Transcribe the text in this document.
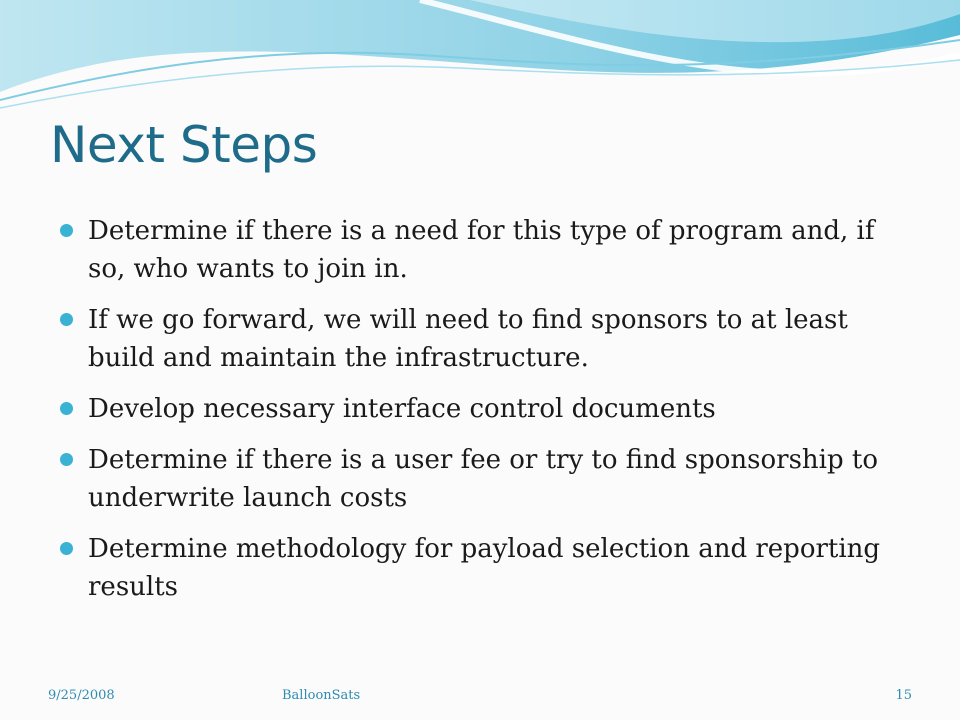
Next Steps
Determine if there is a need for this type of program and, if so, who wants to join in.
If we go forward, we will need to find sponsors to at least build and maintain the infrastructure.
Develop necessary interface control documents
Determine if there is a user fee or try to find sponsorship to underwrite launch costs
Determine methodology for payload selection and reporting results
9/25/2008	BalloonSats	15
